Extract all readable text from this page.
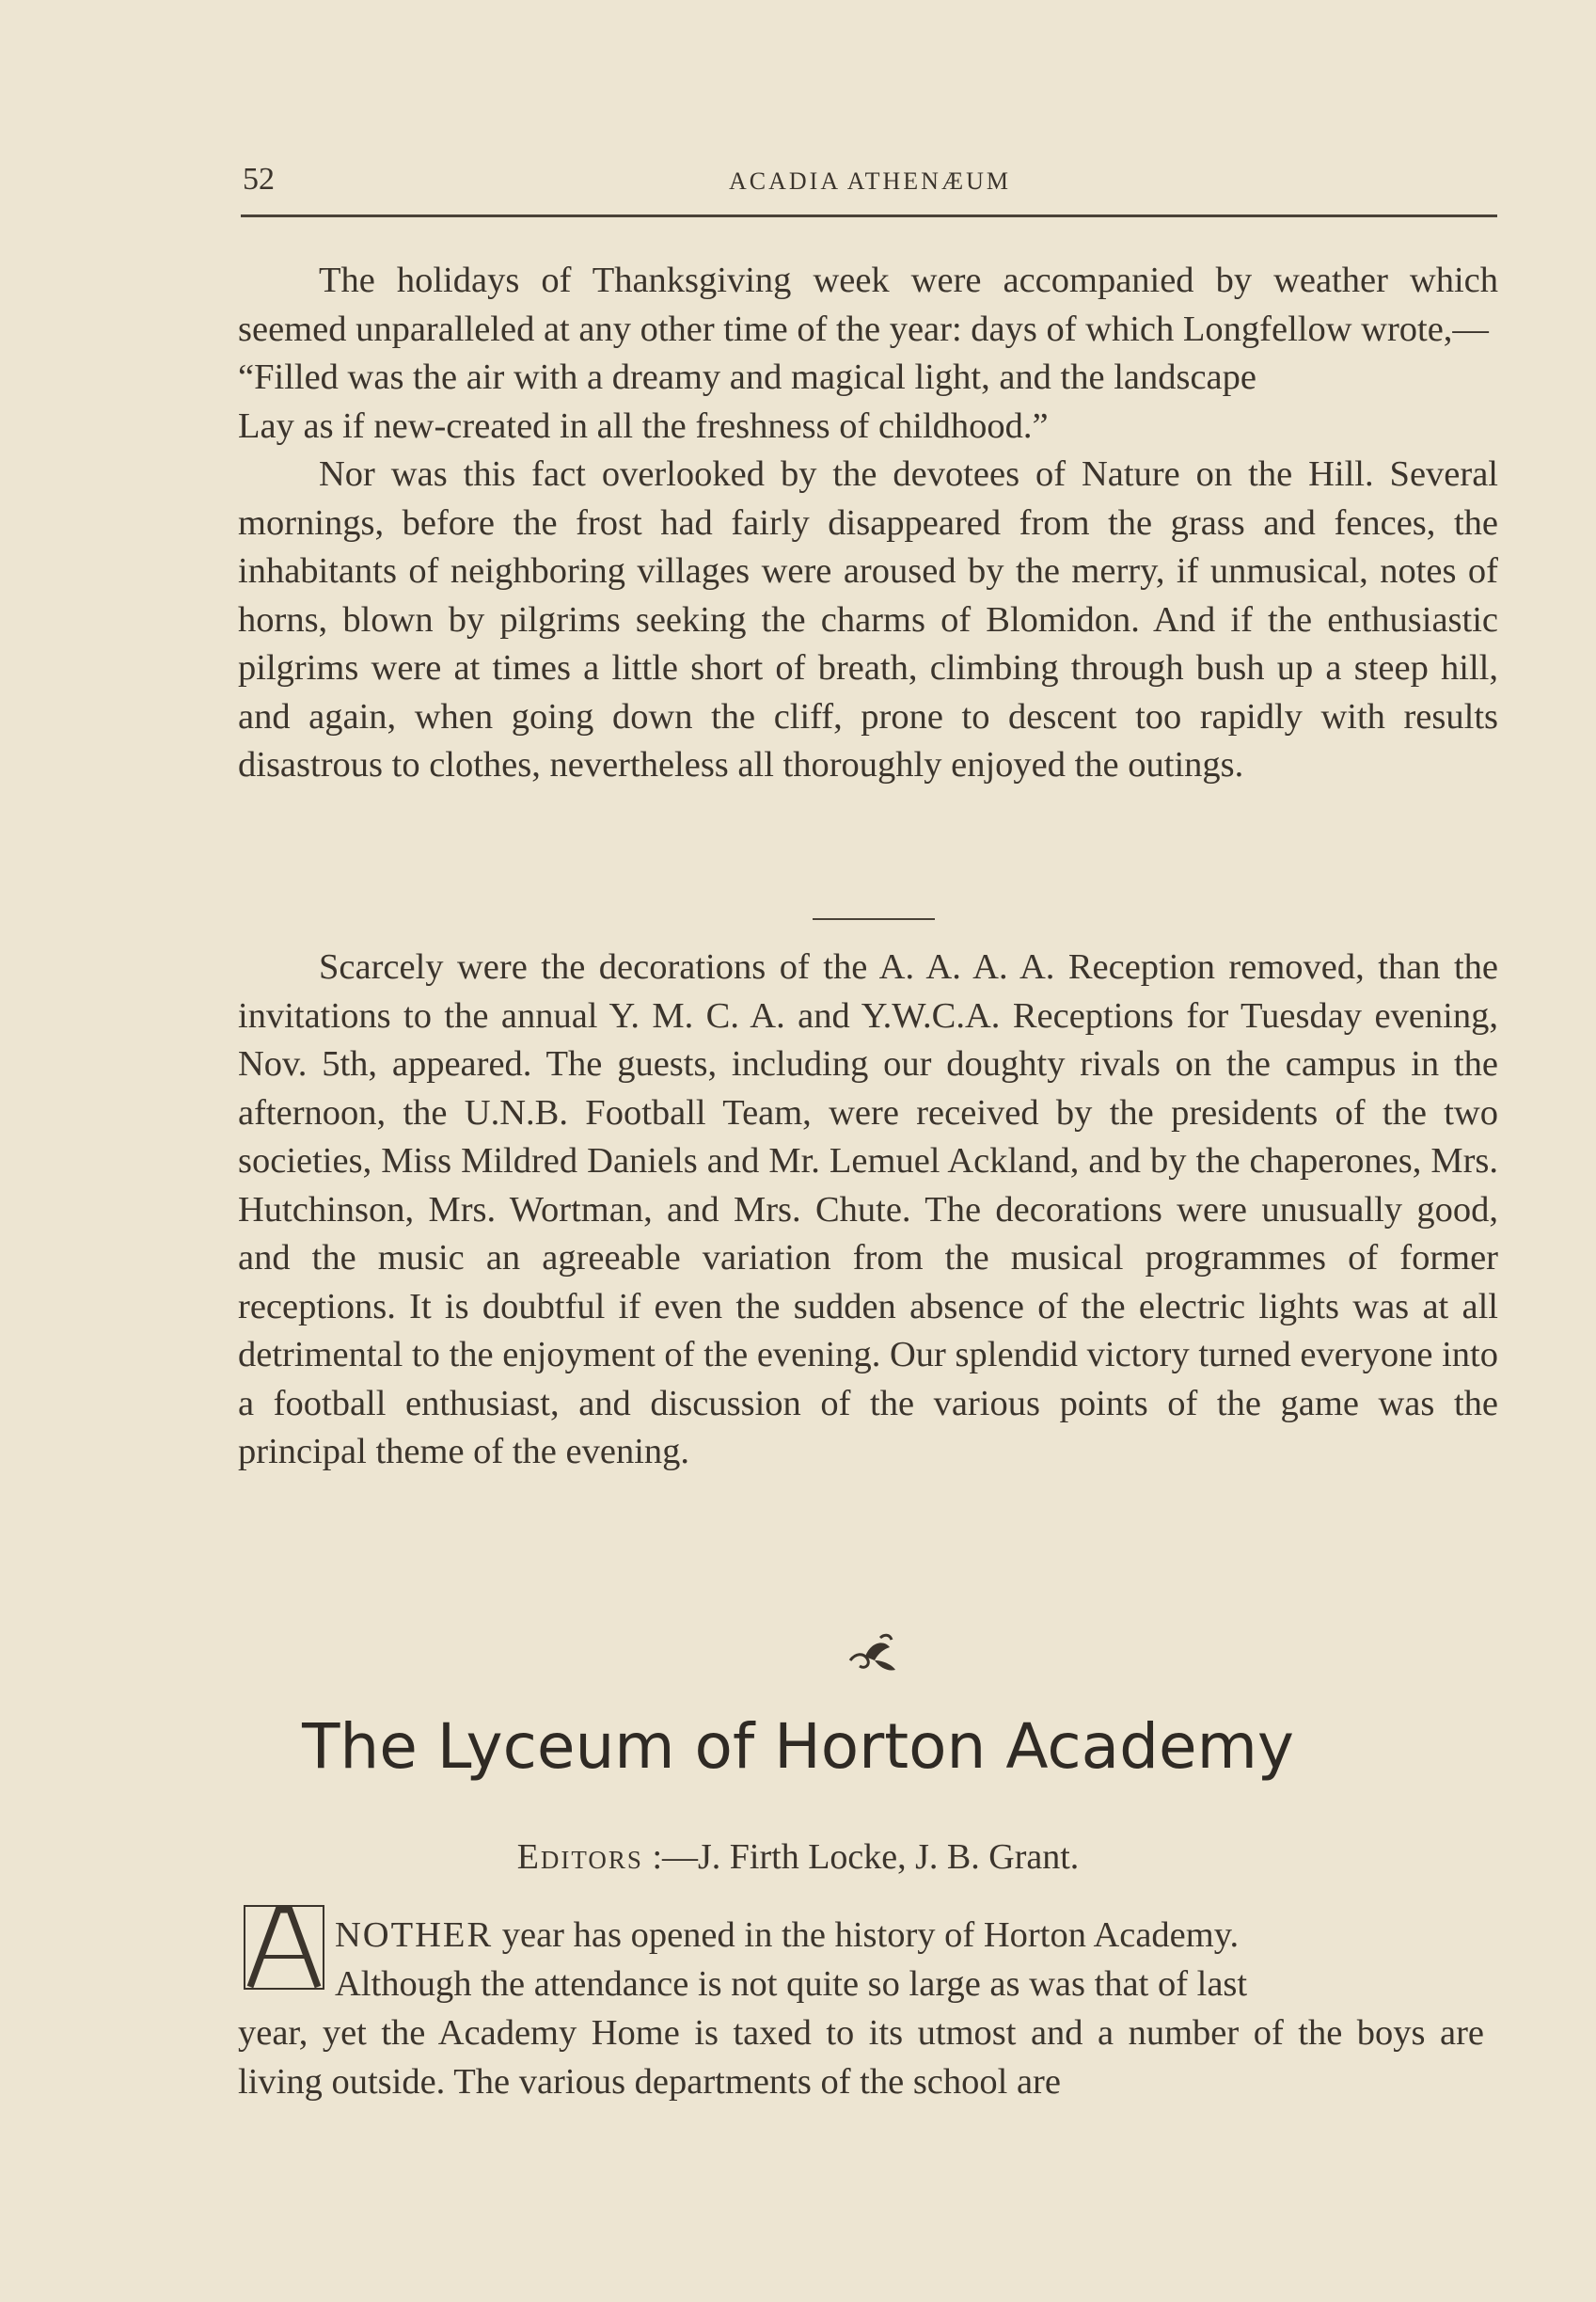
52	ACADIA ATHENÆUM

The holidays of Thanksgiving week were accompanied by weather which seemed unparalleled at any other time of the year: days of which Longfellow wrote,—

“Filled was the air with a dreamy and magical light, and the landscape

Lay as if new-created in all the freshness of childhood.”

Nor was this fact overlooked by the devotees of Nature on the Hill. Several mornings, before the frost had fairly disappeared from the grass and fences, the inhabitants of neighboring villages were aroused by the merry, if unmusical, notes of horns, blown by pilgrims seeking the charms of Blomidon. And if the enthusiastic pilgrims were at times a little short of breath, climbing through bush up a steep hill, and again, when going down the cliff, prone to descent too rapidly with results disastrous to clothes, nevertheless all thoroughly enjoyed the outings.

Scarcely were the decorations of the A. A. A. A. Reception removed, than the invitations to the annual Y. M. C. A. and Y.W.C.A. Receptions for Tuesday evening, Nov. 5th, appeared. The guests, including our doughty rivals on the campus in the afternoon, the U.N.B. Football Team, were received by the presidents of the two societies, Miss Mildred Daniels and Mr. Lemuel Ackland, and by the chaperones, Mrs. Hutchinson, Mrs. Wortman, and Mrs. Chute. The decorations were unusually good, and the music an agreeable variation from the musical programmes of former receptions. It is doubtful if even the sudden absence of the electric lights was at all detrimental to the enjoyment of the evening. Our splendid victory turned everyone into a football enthusiast, and discussion of the various points of the game was the principal theme of the evening.

The Lyceum of Horton Academy
Editors :—J. Firth Locke, J. B. Grant.
A

NOTHER year has opened in the history of Horton Academy.

Although the attendance is not quite so large as was that of last

year, yet the Academy Home is taxed to its utmost and a number of the boys are living outside. The various departments of the school are
